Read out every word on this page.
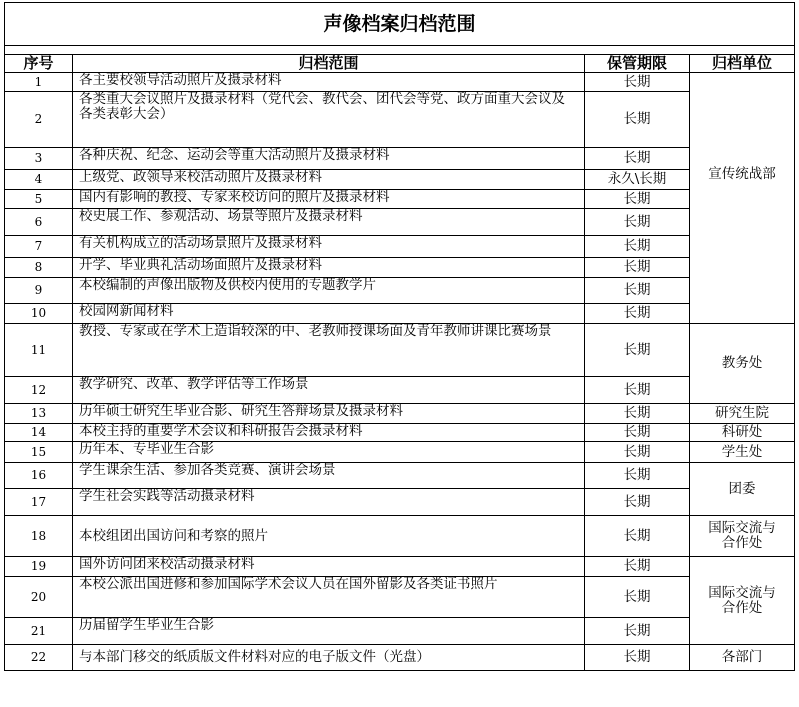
声像档案归档范围			

序号	归档范围	保管期限	归档单位
1	各主要校领导活动照片及摄录材料	长期	宣传统战部
2	各类重大会议照片及摄录材料（党代会、教代会、团代会等党、政方面重大会议及各类表彰大会）	长期	
3	各种庆祝、纪念、运动会等重大活动照片及摄录材料	长期	
4	上级党、政领导来校活动照片及摄录材料	永久\长期	
5	国内有影响的教授、专家来校访问的照片及摄录材料	长期	
6	校史展工作、参观活动、场景等照片及摄录材料	长期	
7	有关机构成立的活动场景照片及摄录材料	长期	
8	开学、毕业典礼活动场面照片及摄录材料	长期	
9	本校编制的声像出版物及供校内使用的专题教学片	长期	
10	校园网新闻材料	长期	
11	教授、专家或在学术上造诣较深的中、老教师授课场面及青年教师讲课比赛场景	长期	教务处
12	教学研究、改革、教学评估等工作场景	长期	
13	历年硕士研究生毕业合影、研究生答辩场景及摄录材料	长期	研究生院
14	本校主持的重要学术会议和科研报告会摄录材料	长期	科研处
15	历年本、专毕业生合影	长期	学生处
16	学生课余生活、参加各类竞赛、演讲会场景	长期	团委
17	学生社会实践等活动摄录材料	长期	
18	本校组团出国访问和考察的照片	长期	国际交流与合作处
19	国外访问团来校活动摄录材料	长期	国际交流与合作处
20	本校公派出国进修和参加国际学术会议人员在国外留影及各类证书照片	长期	
21	历届留学生毕业生合影	长期	
22	与本部门移交的纸质版文件材料对应的电子版文件（光盘）	长期	各部门
